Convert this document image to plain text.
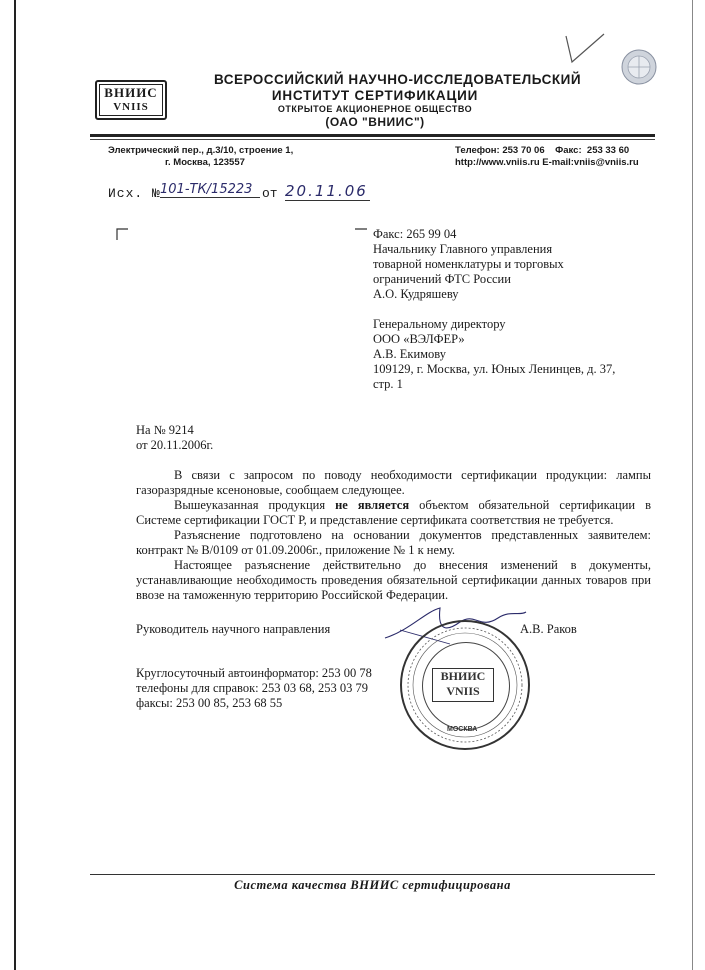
ВНИИС
VNIIS
ВСЕРОССИЙСКИЙ НАУЧНО-ИССЛЕДОВАТЕЛЬСКИЙ
ИНСТИТУТ СЕРТИФИКАЦИИ
ОТКРЫТОЕ АКЦИОНЕРНОЕ ОБЩЕСТВО
(ОАО "ВНИИС")
Электрический пер., д.3/10, строение 1,
г. Москва, 123557
Телефон: 253 70 06    Факс:  253 33 60
http://www.vniis.ru E-mail:vniis@vniis.ru
Исх. № 101-ТК/15223 от 20.11.06
Факс: 265 99 04
Начальнику Главного управления
товарной номенклатуры и торговых
ограничений ФТС России
А.О. Кудряшеву
Генеральному директору
ООО «ВЭЛФЕР»
А.В. Екимову
109129, г. Москва, ул. Юных Ленинцев, д. 37,
стр. 1
На № 9214
от 20.11.2006г.
В связи с запросом по поводу необходимости сертификации продукции: лампы газоразрядные ксеноновые, сообщаем следующее.
Вышеуказанная продукция не является объектом обязательной сертификации в Системе сертификации ГОСТ Р, и представление сертификата соответствия не требуется.
Разъяснение подготовлено на основании документов представленных заявителем: контракт № В/0109 от 01.09.2006г., приложение № 1 к нему.
Настоящее разъяснение действительно до внесения изменений в документы, устанавливающие необходимость проведения обязательной сертификации данных товаров при ввозе на таможенную территорию Российской Федерации.
Руководитель научного направления	А.В. Раков
Круглосуточный автоинформатор: 253 00 78
телефоны для справок: 253 03 68, 253 03 79
факсы: 253 00 85, 253 68 55
ВНИИС
VNIIS
МОСКВА
Система качества ВНИИС сертифицирована
